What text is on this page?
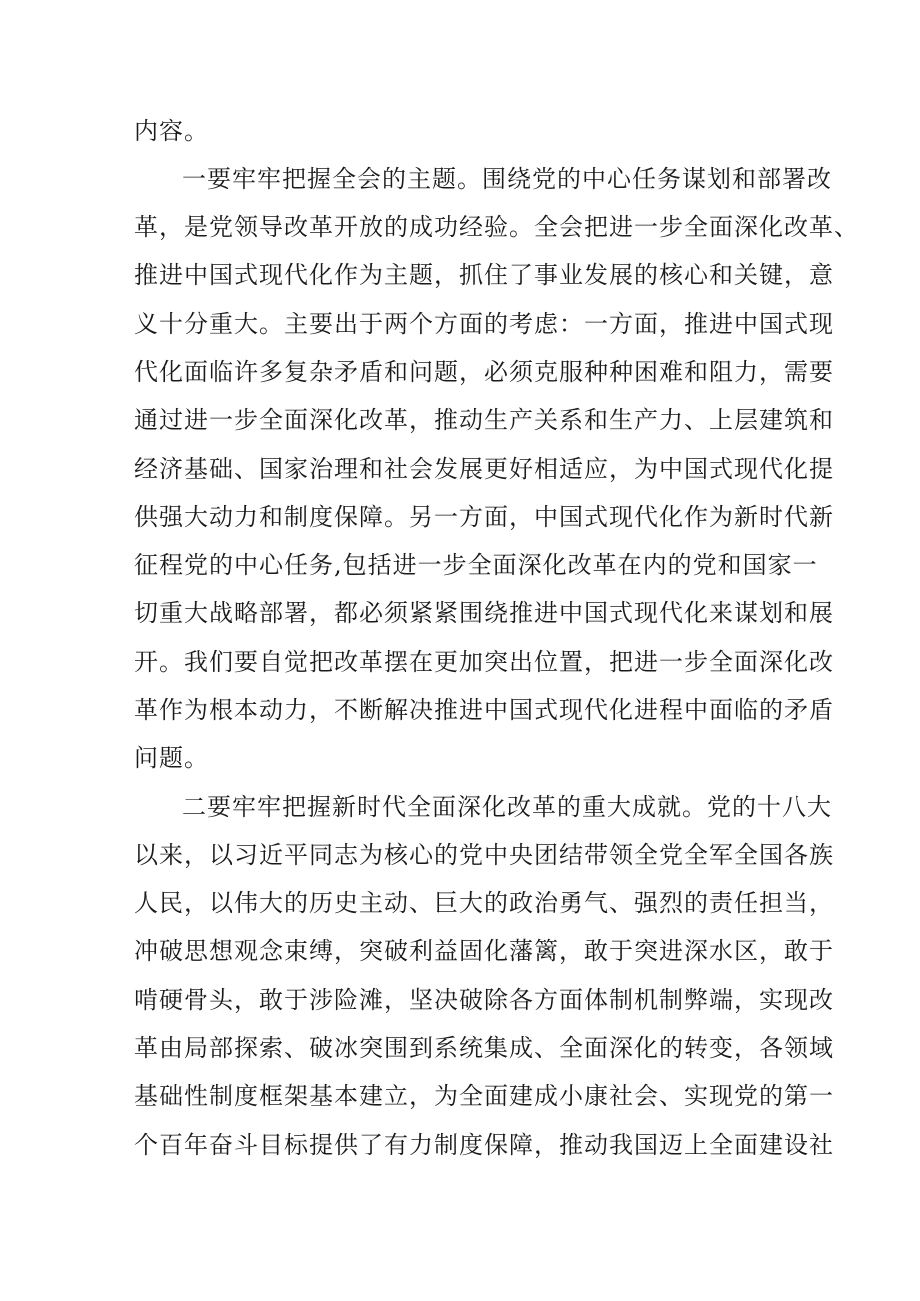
内容。
一要牢牢把握全会的主题。围绕党的中心任务谋划和部署改
革，是党领导改革开放的成功经验。全会把进一步全面深化改革、
推进中国式现代化作为主题，抓住了事业发展的核心和关键，意
义十分重大。主要出于两个方面的考虑：一方面，推进中国式现
代化面临许多复杂矛盾和问题，必须克服种种困难和阻力，需要
通过进一步全面深化改革，推动生产关系和生产力、上层建筑和
经济基础、国家治理和社会发展更好相适应，为中国式现代化提
供强大动力和制度保障。另一方面，中国式现代化作为新时代新
征程党的中心任务,包括进一步全面深化改革在内的党和国家一
切重大战略部署，都必须紧紧围绕推进中国式现代化来谋划和展
开。我们要自觉把改革摆在更加突出位置，把进一步全面深化改
革作为根本动力，不断解决推进中国式现代化进程中面临的矛盾
问题。
二要牢牢把握新时代全面深化改革的重大成就。党的十八大
以来，以习近平同志为核心的党中央团结带领全党全军全国各族
人民，以伟大的历史主动、巨大的政治勇气、强烈的责任担当，
冲破思想观念束缚，突破利益固化藩篱，敢于突进深水区，敢于
啃硬骨头，敢于涉险滩，坚决破除各方面体制机制弊端，实现改
革由局部探索、破冰突围到系统集成、全面深化的转变，各领域
基础性制度框架基本建立，为全面建成小康社会、实现党的第一
个百年奋斗目标提供了有力制度保障，推动我国迈上全面建设社
